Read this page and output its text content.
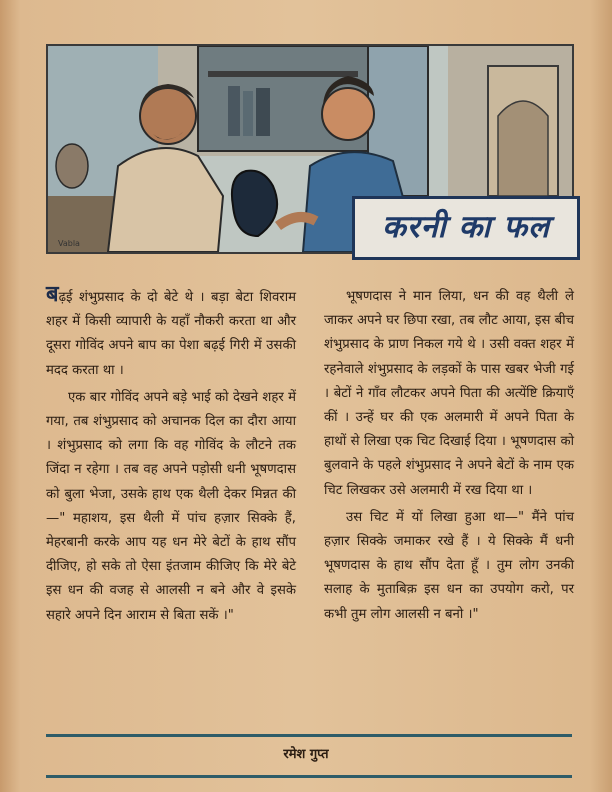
Vabla	करनी का फल

बढ़ई शंभुप्रसाद के दो बेटे थे । बड़ा बेटा शिवराम शहर में किसी व्यापारी के यहाँ नौकरी करता था और दूसरा गोविंद अपने बाप का पेशा बढ़ई गिरी में उसकी मदद करता था ।

एक बार गोविंद अपने बड़े भाई को देखने शहर में गया, तब शंभुप्रसाद को अचानक दिल का दौरा आया । शंभुप्रसाद को लगा कि वह गोविंद के लौटने तक जिंदा न रहेगा । तब वह अपने पड़ोसी धनी भूषणदास को बुला भेजा, उसके हाथ एक थैली देकर मिन्नत की—" महाशय, इस थैली में पांच हज़ार सिक्के हैं, मेहरबानी करके आप यह धन मेरे बेटों के हाथ सौंप दीजिए, हो सके तो ऐसा इंतजाम कीजिए कि मेरे बेटे इस धन की वजह से आलसी न बने और वे इसके सहारे अपने दिन आराम से बिता सकें ।"

भूषणदास ने मान लिया, धन की वह थैली ले जाकर अपने घर छिपा रखा, तब लौट आया, इस बीच शंभुप्रसाद के प्राण निकल गये थे । उसी वक्त शहर में रहनेवाले शंभुप्रसाद के लड़कों के पास खबर भेजी गई । बेटों ने गाँव लौटकर अपने पिता की अत्येंष्टि क्रियाएँ कीं । उन्हें घर की एक अलमारी में अपने पिता के हाथों से लिखा एक चिट दिखाई दिया । भूषणदास को बुलवाने के पहले शंभुप्रसाद ने अपने बेटों के नाम एक चिट लिखकर उसे अलमारी में रख दिया था ।

उस चिट में यों लिखा हुआ था—" मैंने पांच हज़ार सिक्के जमाकर रखे हैं । ये सिक्के मैं धनी भूषणदास के हाथ सौंप देता हूँ । तुम लोग उनकी सलाह के मुताबिक़ इस धन का उपयोग करो, पर कभी तुम लोग आलसी न बनो ।"

रमेश गुप्त
